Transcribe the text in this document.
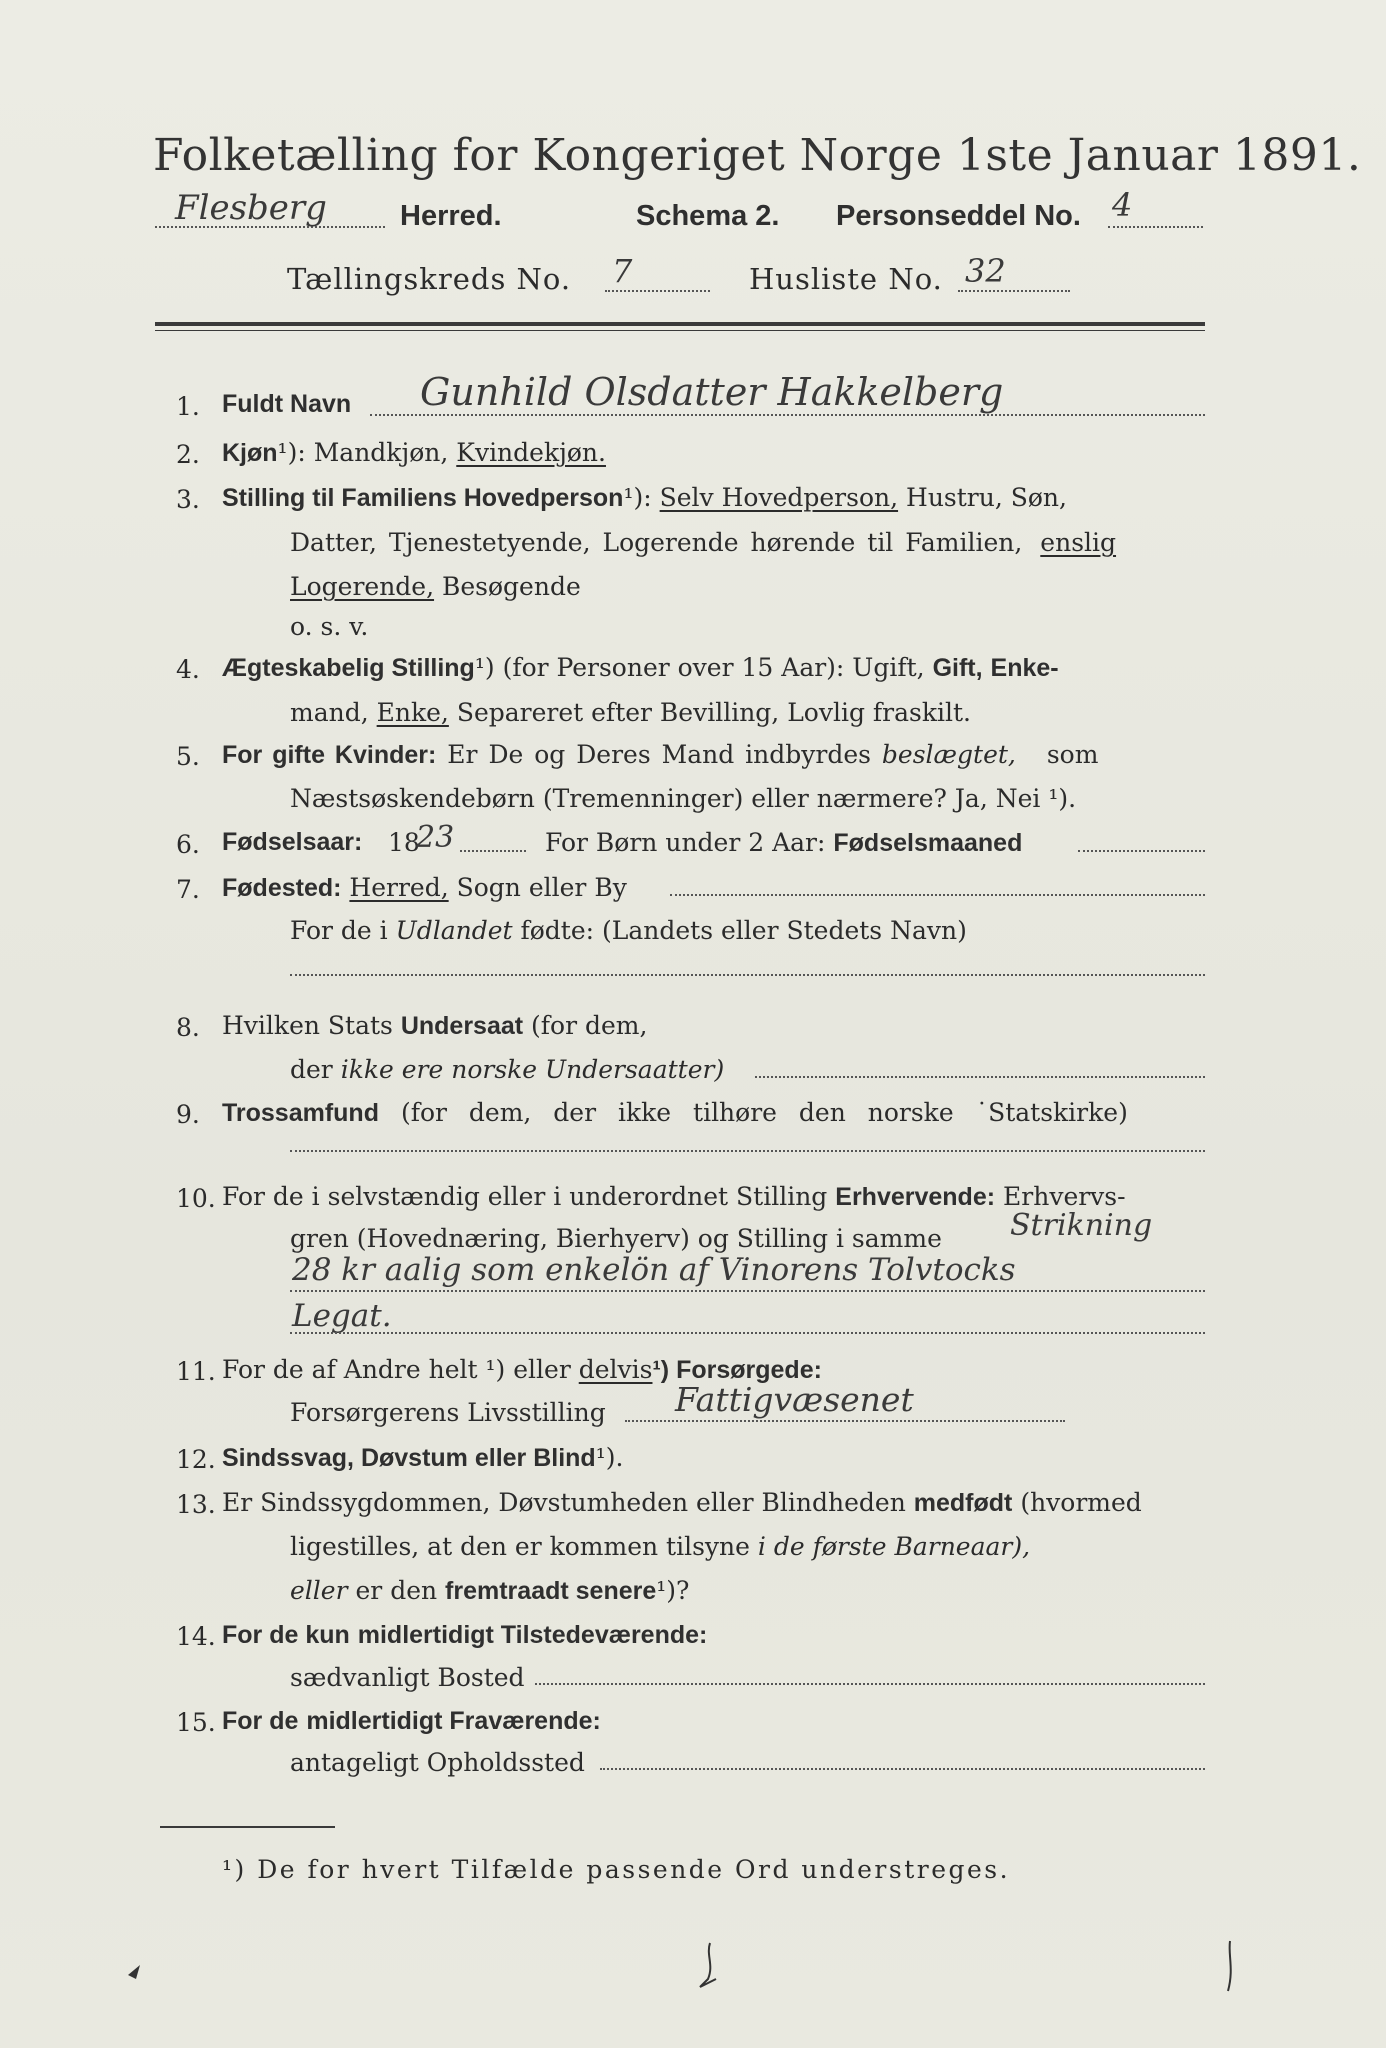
Folketælling for Kongeriget Norge 1ste Januar 1891.
Flesberg	Herred.	Schema 2. Personseddel No. 4
Tællingskreds No. 7	Husliste No. 32
1. Fuldt Navn Gunhild Olsdatter Hakkelberg
2. Kjøn¹): Mandkjøn, Kvindekjøn.
3. Stilling til Familiens Hovedperson¹): Selv Hovedperson, Hustru, Søn,
Datter, Tjenestetyende, Logerende hørende til Familien, enslig
Logerende, Besøgende
o. s. v.
4. Ægteskabelig Stilling¹) (for Personer over 15 Aar): Ugift, Gift, Enke-
mand, Enke, Separeret efter Bevilling, Lovlig fraskilt.
5. For gifte Kvinder: Er De og Deres Mand indbyrdes beslægtet, som
Næstsøskendebørn (Tremenninger) eller nærmere? Ja, Nei ¹).
6. Fødselsaar: 18
23	For Børn under 2 Aar: Fødselsmaaned
7. Fødested: Herred, Sogn eller By
For de i Udlandet fødte: (Landets eller Stedets Navn)
8. Hvilken Stats Undersaat (for dem,
der ikke ere norske Undersaatter)
9. Trossamfund (for dem, der ikke tilhøre den norske ˙Statskirke)
10. For de i selvstændig eller i underordnet Stilling Erhvervende: Erhvervs-
gren (Hovednæring, Bierhyerv) og Stilling i samme Strikning
28 kr aalig som enkelön af Vinorens Tolvtocks
Legat.
11. For de af Andre helt ¹) eller delvis¹) Forsørgede:
Forsørgerens Livsstilling Fattigvæsenet
12. Sindssvag, Døvstum eller Blind¹).
13. Er Sindssygdommen, Døvstumheden eller Blindheden medfødt (hvormed
ligestilles, at den er kommen tilsyne i de første Barneaar),
eller er den fremtraadt senere¹)?
14. For de kun midlertidigt Tilstedeværende:
sædvanligt Bosted
15. For de midlertidigt Fraværende:
antageligt Opholdssted
¹) De for hvert Tilfælde passende Ord understreges.
